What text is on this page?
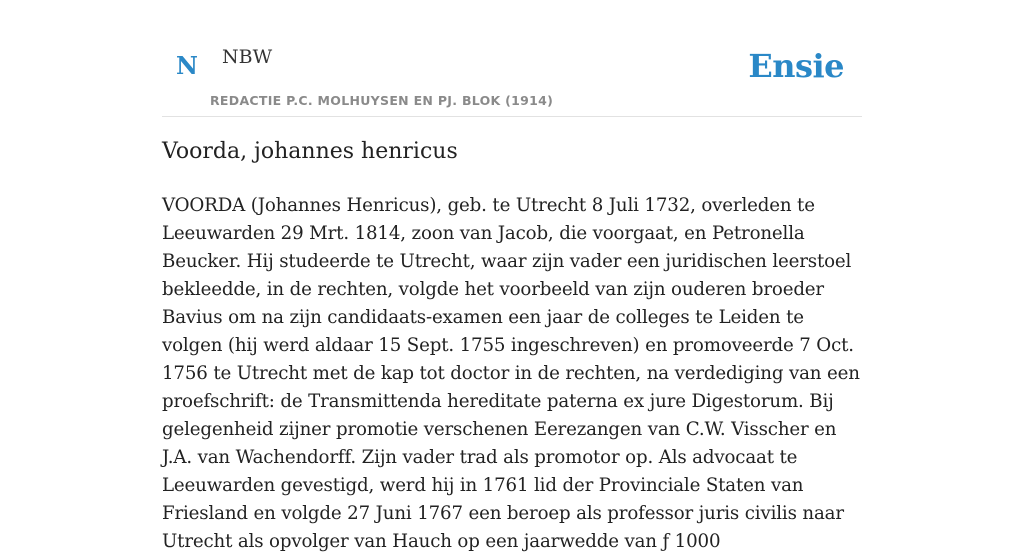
N NBW
REDACTIE P.C. MOLHUYSEN EN PJ. BLOK (1914)
Ensie
Voorda, johannes henricus

VOORDA (Johannes Henricus), geb. te Utrecht 8 Juli 1732, overleden te Leeuwarden 29 Mrt. 1814, zoon van Jacob, die voorgaat, en Petronella Beucker. Hij studeerde te Utrecht, waar zijn vader een juridischen leerstoel bekleedde, in de rechten, volgde het voorbeeld van zijn ouderen broeder Bavius om na zijn candidaats-examen een jaar de colleges te Leiden te volgen (hij werd aldaar 15 Sept. 1755 ingeschreven) en promoveerde 7 Oct. 1756 te Utrecht met de kap tot doctor in de rechten, na verdediging van een proefschrift: de Transmittenda hereditate paterna ex jure Digestorum. Bij gelegenheid zijner promotie verschenen Eerezangen van C.W. Visscher en J.A. van Wachendorff. Zijn vader trad als promotor op. Als advocaat te Leeuwarden gevestigd, werd hij in 1761 lid der Provinciale Staten van Friesland en volgde 27 Juni 1767 een beroep als professor juris civilis naar Utrecht als opvolger van Hauch op een jaarwedde van ƒ 1000
